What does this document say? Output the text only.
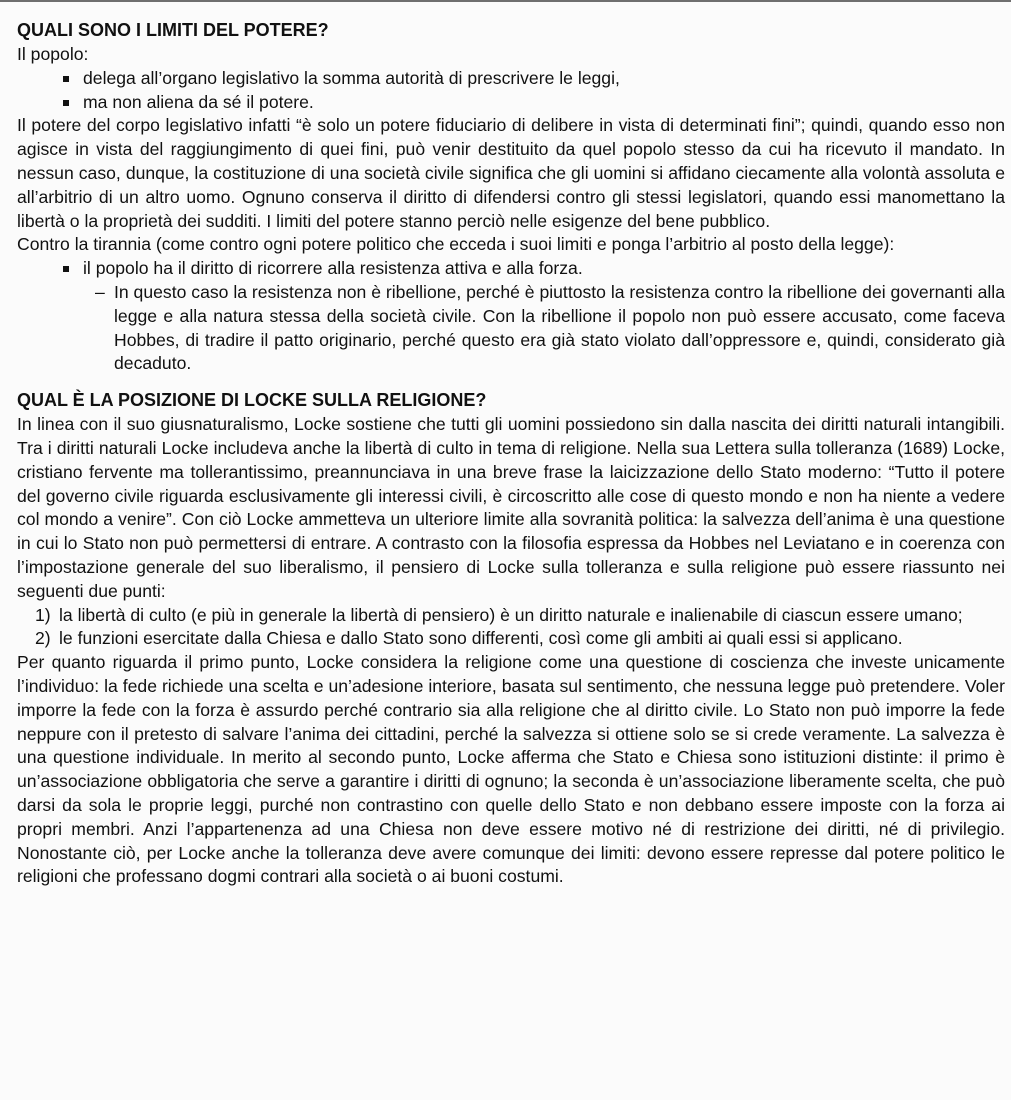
QUALI SONO I LIMITI DEL POTERE?

Il popolo:

delega all’organo legislativo la somma autorità di prescrivere le leggi,
ma non aliena da sé il potere.

Il potere del corpo legislativo infatti “è solo un potere fiduciario di delibere in vista di determinati fini”; quindi, quando esso non agisce in vista del raggiungimento di quei fini, può venir destituito da quel popolo stesso da cui ha ricevuto il mandato. In nessun caso, dunque, la costituzione di una società civile significa che gli uomini si affidano ciecamente alla volontà assoluta e all’arbitrio di un altro uomo. Ognuno conserva il diritto di difendersi contro gli stessi legislatori, quando essi manomettano la libertà o la proprietà dei sudditi. I limiti del potere stanno perciò nelle esigenze del bene pubblico.

Contro la tirannia (come contro ogni potere politico che ecceda i suoi limiti e ponga l’arbitrio al posto della legge):

il popolo ha il diritto di ricorrere alla resistenza attiva e alla forza.
– In questo caso la resistenza non è ribellione, perché è piuttosto la resistenza contro la ribellione dei governanti alla legge e alla natura stessa della società civile. Con la ribellione il popolo non può essere accusato, come faceva Hobbes, di tradire il patto originario, perché questo era già stato violato dall’oppressore e, quindi, considerato già decaduto.
QUAL È LA POSIZIONE DI LOCKE SULLA RELIGIONE?

In linea con il suo giusnaturalismo, Locke sostiene che tutti gli uomini possiedono sin dalla nascita dei diritti naturali intangibili. Tra i diritti naturali Locke includeva anche la libertà di culto in tema di religione. Nella sua Lettera sulla tolleranza (1689) Locke, cristiano fervente ma tollerantissimo, preannunciava in una breve frase la laicizzazione dello Stato moderno: “Tutto il potere del governo civile riguarda esclusivamente gli interessi civili, è circoscritto alle cose di questo mondo e non ha niente a vedere col mondo a venire”. Con ciò Locke ammetteva un ulteriore limite alla sovranità politica: la salvezza dell’anima è una questione in cui lo Stato non può permettersi di entrare. A contrasto con la filosofia espressa da Hobbes nel Leviatano e in coerenza con l’impostazione generale del suo liberalismo, il pensiero di Locke sulla tolleranza e sulla religione può essere riassunto nei seguenti due punti:

1) la libertà di culto (e più in generale la libertà di pensiero) è un diritto naturale e inalienabile di ciascun essere umano;
2) le funzioni esercitate dalla Chiesa e dallo Stato sono differenti, così come gli ambiti ai quali essi si applicano.

Per quanto riguarda il primo punto, Locke considera la religione come una questione di coscienza che investe unicamente l’individuo: la fede richiede una scelta e un’adesione interiore, basata sul sentimento, che nessuna legge può pretendere. Voler imporre la fede con la forza è assurdo perché contrario sia alla religione che al diritto civile. Lo Stato non può imporre la fede neppure con il pretesto di salvare l’anima dei cittadini, perché la salvezza si ottiene solo se si crede veramente. La salvezza è una questione individuale. In merito al secondo punto, Locke afferma che Stato e Chiesa sono istituzioni distinte: il primo è un’associazione obbligatoria che serve a garantire i diritti di ognuno; la seconda è un’associazione liberamente scelta, che può darsi da sola le proprie leggi, purché non contrastino con quelle dello Stato e non debbano essere imposte con la forza ai propri membri. Anzi l’appartenenza ad una Chiesa non deve essere motivo né di restrizione dei diritti, né di privilegio. Nonostante ciò, per Locke anche la tolleranza deve avere comunque dei limiti: devono essere represse dal potere politico le religioni che professano dogmi contrari alla società o ai buoni costumi.
